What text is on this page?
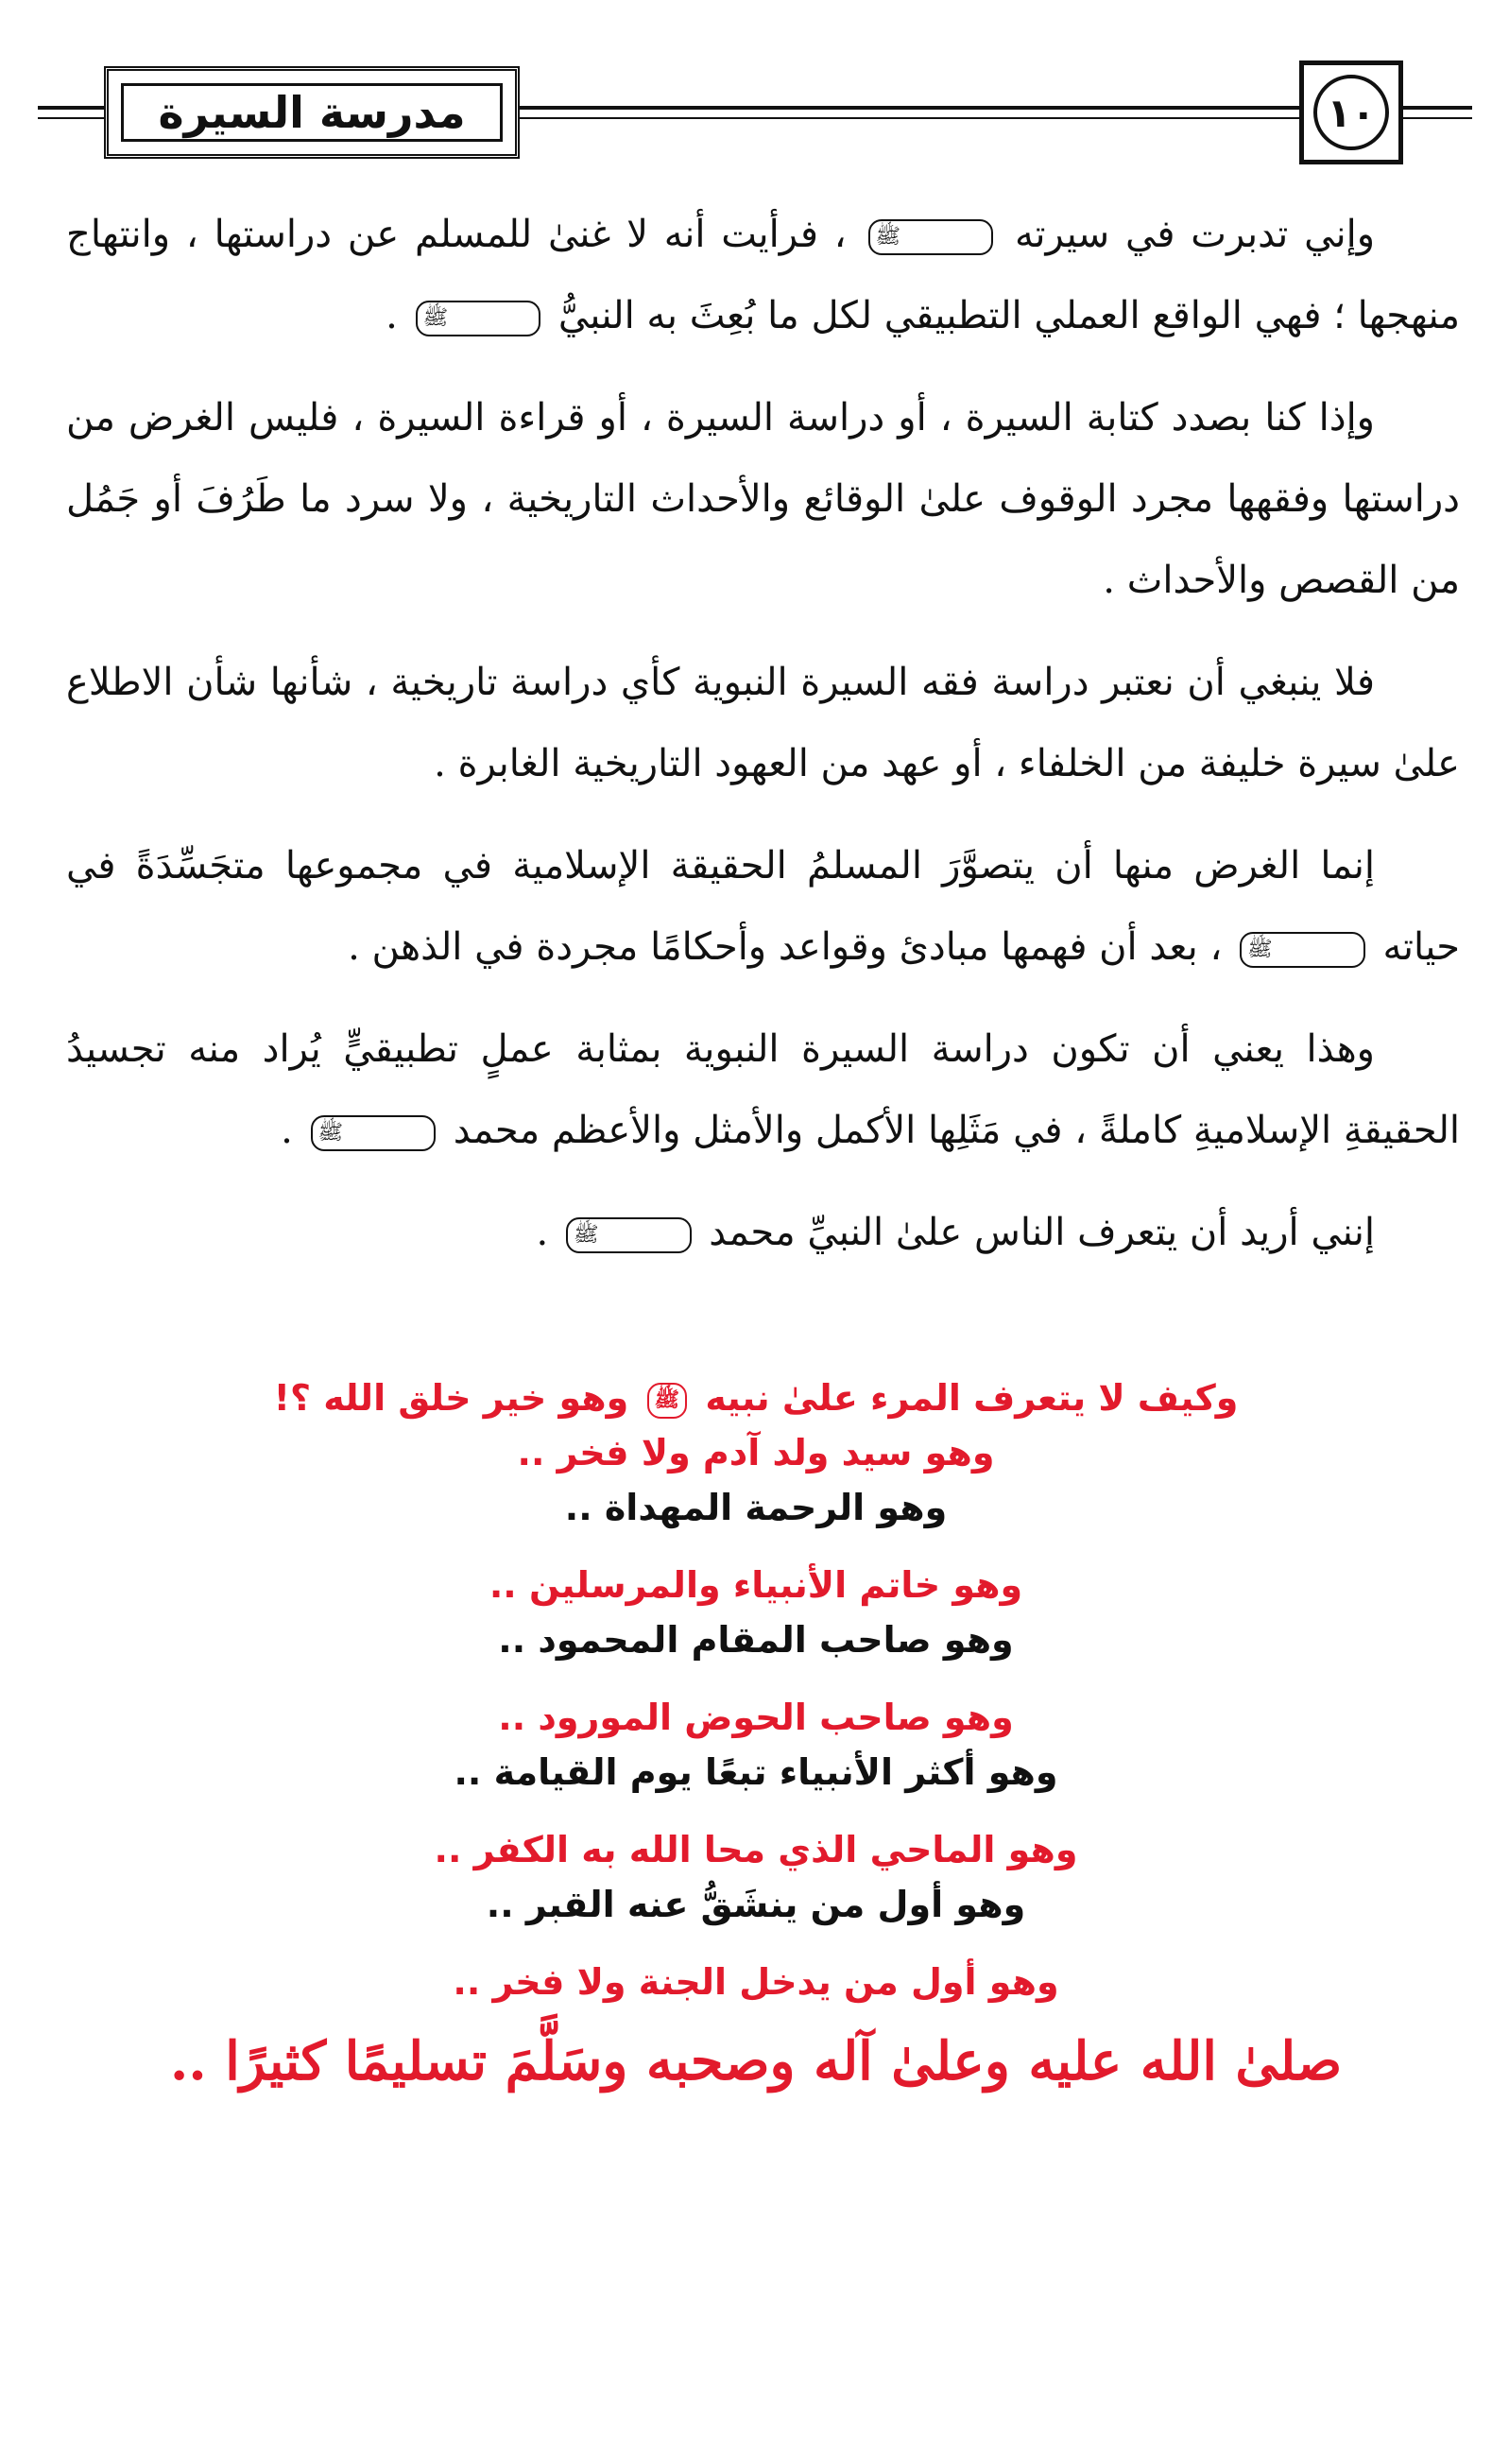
مدرسة السيرة	١٠

وإني تدبرت في سيرته ﷺ ، فرأيت أنه لا غنىٰ للمسلم عن دراستها ، وانتهاج منهجها ؛ فهي الواقع العملي التطبيقي لكل ما بُعِثَ به النبيُّ ﷺ .

وإذا كنا بصدد كتابة السيرة ، أو دراسة السيرة ، أو قراءة السيرة ، فليس الغرض من دراستها وفقهها مجرد الوقوف علىٰ الوقائع والأحداث التاريخية ، ولا سرد ما طَرُفَ أو جَمُل من القصص والأحداث .

فلا ينبغي أن نعتبر دراسة فقه السيرة النبوية كأي دراسة تاريخية ، شأنها شأن الاطلاع علىٰ سيرة خليفة من الخلفاء ، أو عهد من العهود التاريخية الغابرة .

إنما الغرض منها أن يتصوَّرَ المسلمُ الحقيقة الإسلامية في مجموعها متجَسِّدَةً في حياته ﷺ ، بعد أن فهمها مبادئ وقواعد وأحكامًا مجردة في الذهن .

وهذا يعني أن تكون دراسة السيرة النبوية بمثابة عملٍ تطبيقيٍّ يُراد منه تجسيدُ الحقيقةِ الإسلاميةِ كاملةً ، في مَثَلِها الأكمل والأمثل والأعظم محمد ﷺ .

إنني أريد أن يتعرف الناس علىٰ النبيِّ محمد ﷺ .

وكيف لا يتعرف المرء علىٰ نبيه ﷺ وهو خير خلق الله ؟!

وهو سيد ولد آدم ولا فخر ..

وهو الرحمة المهداة ..

وهو خاتم الأنبياء والمرسلين ..

وهو صاحب المقام المحمود ..

وهو صاحب الحوض المورود ..

وهو أكثر الأنبياء تبعًا يوم القيامة ..

وهو الماحي الذي محا الله به الكفر ..

وهو أول من ينشَقُّ عنه القبر ..

وهو أول من يدخل الجنة ولا فخر ..

صلىٰ الله عليه وعلىٰ آله وصحبه وسَلَّمَ تسليمًا كثيرًا ..
